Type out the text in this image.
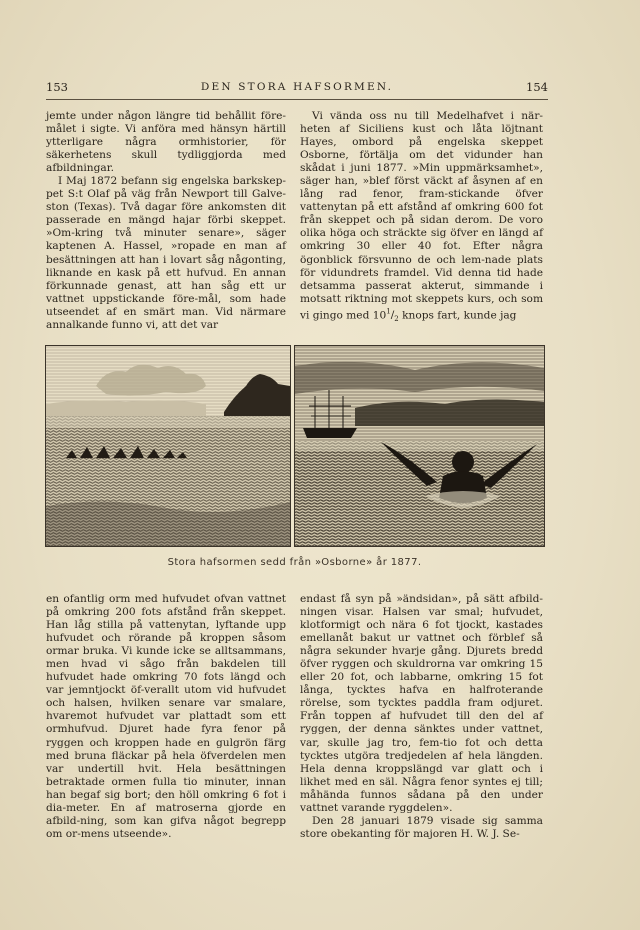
153	DEN STORA HAFSORMEN.	154

jemte under någon längre tid behållit före-målet i sigte. Vi anföra med hänsyn härtill ytterligare några ormhistorier, för säkerhetens skull tydliggjorda med afbildningar.

I Maj 1872 befann sig engelska barkskep-pet S:t Olaf på väg från Newport till Galve-ston (Texas). Två dagar före ankomsten dit passerade en mängd hajar förbi skeppet. »Om-kring två minuter senare», säger kaptenen A. Hassel, »ropade en man af besättningen att han i lovart såg någonting, liknande en kask på ett hufvud. En annan förkunnade genast, att han såg ett ur vattnet uppstickande före-mål, som hade utseendet af en smärt man. Vid närmare annalkande funno vi, att det var

Vi vända oss nu till Medelhafvet i när-heten af Siciliens kust och låta löjtnant Hayes, ombord på engelska skeppet Osborne, förtälja om det vidunder han skådat i juni 1877. »Min uppmärksamhet», säger han, »blef först väckt af åsynen af en lång rad fenor, fram-stickande öfver vattenytan på ett afstånd af omkring 600 fot från skeppet och på sidan derom. De voro olika höga och sträckte sig öfver en längd af omkring 30 eller 40 fot. Efter några ögonblick försvunno de och lem-nade plats för vidundrets framdel. Vid denna tid hade detsamma passerat akterut, simmande i motsatt riktning mot skeppets kurs, och som vi gingo med $10^1/_2$ knops fart, kunde jag

Stora hafsormen sedd från »Osborne» år 1877.

en ofantlig orm med hufvudet ofvan vattnet på omkring 200 fots afstånd från skeppet. Han låg stilla på vattenytan, lyftande upp hufvudet och rörande på kroppen såsom ormar bruka. Vi kunde icke se alltsammans, men hvad vi sågo från bakdelen till hufvudet hade omkring 70 fots längd och var jemntjockt öf-verallt utom vid hufvudet och halsen, hvilken senare var smalare, hvaremot hufvudet var plattadt som ett ormhufvud. Djuret hade fyra fenor på ryggen och kroppen hade en gulgrön färg med bruna fläckar på hela öfverdelen men var undertill hvit. Hela besättningen betraktade ormen fulla tio minuter, innan han begaf sig bort; den höll omkring 6 fot i dia-meter. En af matroserna gjorde en afbild-ning, som kan gifva något begrepp om or-mens utseende».

endast få syn på »ändsidan», på sätt afbild-ningen visar. Halsen var smal; hufvudet, klotformigt och nära 6 fot tjockt, kastades emellanåt bakut ur vattnet och förblef så några sekunder hvarje gång. Djurets bredd öfver ryggen och skuldrorna var omkring 15 eller 20 fot, och labbarne, omkring 15 fot långa, tycktes hafva en halfroterande rörelse, som tycktes paddla fram odjuret. Från toppen af hufvudet till den del af ryggen, der denna sänktes under vattnet, var, skulle jag tro, fem-tio fot och detta tycktes utgöra tredjedelen af hela längden. Hela denna kroppslängd var glatt och i likhet med en säl. Några fenor syntes ej till; måhända funnos sådana på den under vattnet varande ryggdelen».

Den 28 januari 1879 visade sig samma store obekanting för majoren H. W. J. Se-
